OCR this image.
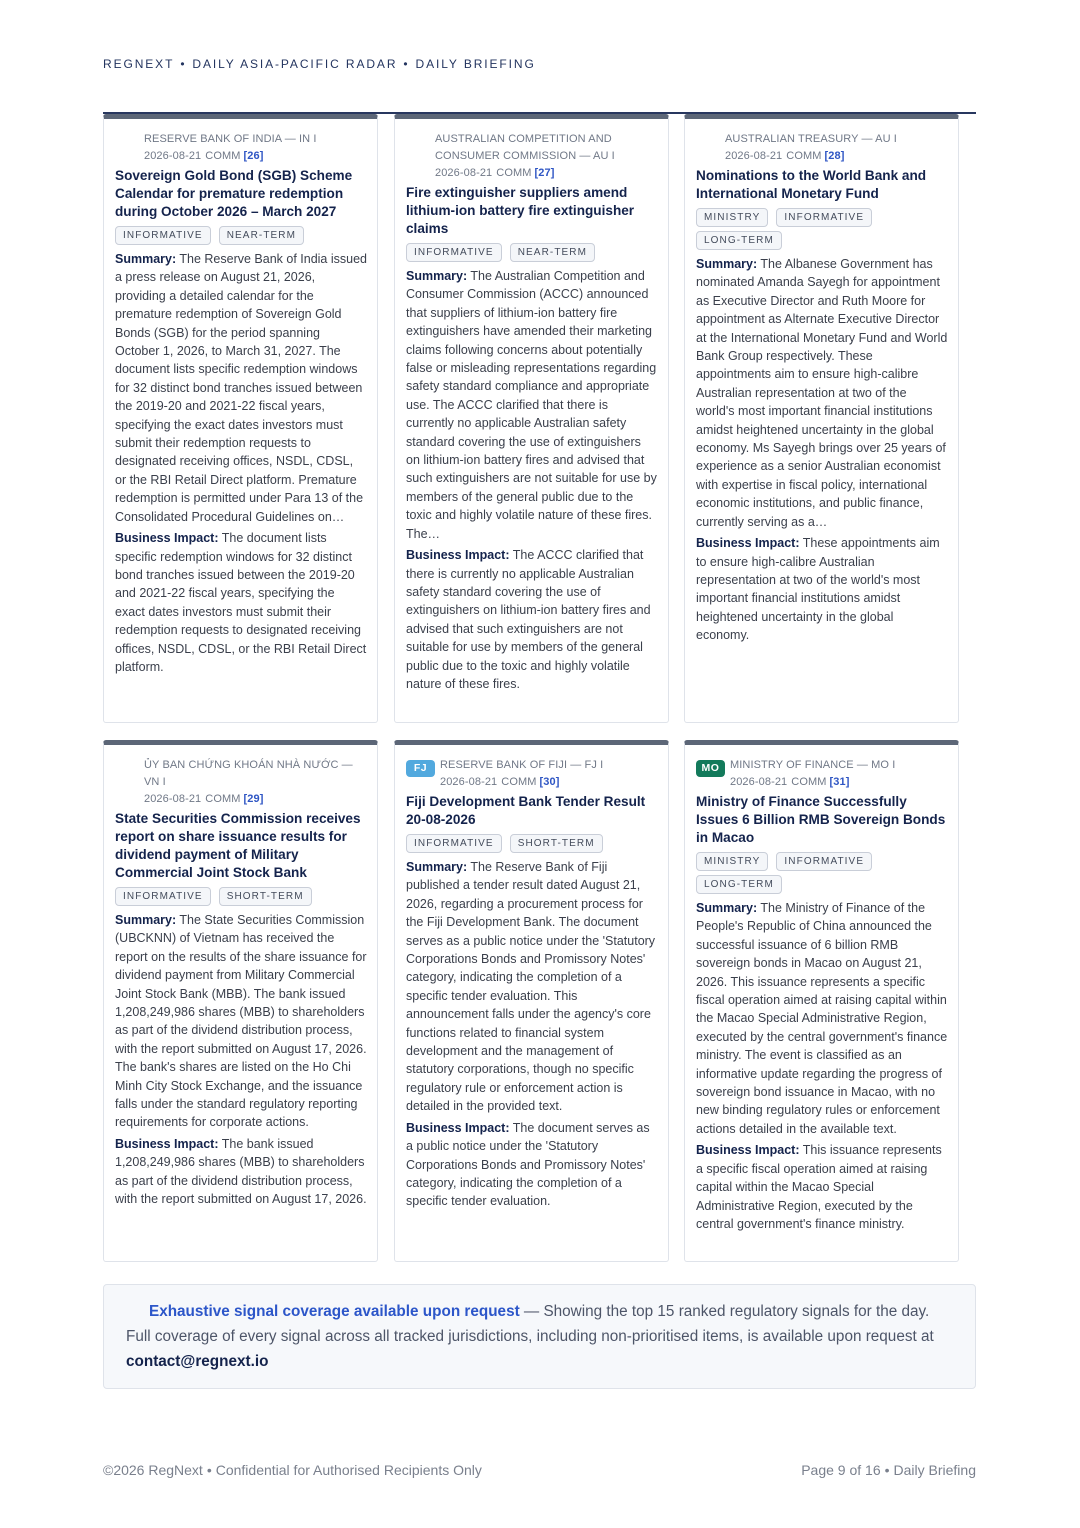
REGNEXT • DAILY ASIA-PACIFIC RADAR • DAILY BRIEFING
RESERVE BANK OF INDIA — IN I
2026-08-21 COMM [26]
Sovereign Gold Bond (SGB) Scheme Calendar for premature redemption during October 2026 – March 2027
INFORMATIVE	NEAR-TERM

Summary: The Reserve Bank of India issued a press release on August 21, 2026, providing a detailed calendar for the premature redemption of Sovereign Gold Bonds (SGB) for the period spanning October 1, 2026, to March 31, 2027. The document lists specific redemption windows for 32 distinct bond tranches issued between the 2019-20 and 2021-22 fiscal years, specifying the exact dates investors must submit their redemption requests to designated receiving offices, NSDL, CDSL, or the RBI Retail Direct platform. Premature redemption is permitted under Para 13 of the Consolidated Procedural Guidelines on…

Business Impact: The document lists specific redemption windows for 32 distinct bond tranches issued between the 2019-20 and 2021-22 fiscal years, specifying the exact dates investors must submit their redemption requests to designated receiving offices, NSDL, CDSL, or the RBI Retail Direct platform.

AUSTRALIAN COMPETITION AND CONSUMER COMMISSION — AU I
2026-08-21 COMM [27]
Fire extinguisher suppliers amend lithium-ion battery fire extinguisher claims
INFORMATIVE	NEAR-TERM

Summary: The Australian Competition and Consumer Commission (ACCC) announced that suppliers of lithium-ion battery fire extinguishers have amended their marketing claims following concerns about potentially false or misleading representations regarding safety standard compliance and appropriate use. The ACCC clarified that there is currently no applicable Australian safety standard covering the use of extinguishers on lithium-ion battery fires and advised that such extinguishers are not suitable for use by members of the general public due to the toxic and highly volatile nature of these fires. The…

Business Impact: The ACCC clarified that there is currently no applicable Australian safety standard covering the use of extinguishers on lithium-ion battery fires and advised that such extinguishers are not suitable for use by members of the general public due to the toxic and highly volatile nature of these fires.

AUSTRALIAN TREASURY — AU I
2026-08-21 COMM [28]
Nominations to the World Bank and International Monetary Fund
MINISTRY	INFORMATIVE
LONG-TERM

Summary: The Albanese Government has nominated Amanda Sayegh for appointment as Executive Director and Ruth Moore for appointment as Alternate Executive Director at the International Monetary Fund and World Bank Group respectively. These appointments aim to ensure high-calibre Australian representation at two of the world's most important financial institutions amidst heightened uncertainty in the global economy. Ms Sayegh brings over 25 years of experience as a senior Australian economist with expertise in fiscal policy, international economic institutions, and public finance, currently serving as a…

Business Impact: These appointments aim to ensure high-calibre Australian representation at two of the world's most important financial institutions amidst heightened uncertainty in the global economy.

ỦY BAN CHỨNG KHOÁN NHÀ NƯỚC — VN I
2026-08-21 COMM [29]
State Securities Commission receives report on share issuance results for dividend payment of Military Commercial Joint Stock Bank
INFORMATIVE	SHORT-TERM

Summary: The State Securities Commission (UBCKNN) of Vietnam has received the report on the results of the share issuance for dividend payment from Military Commercial Joint Stock Bank (MBB). The bank issued 1,208,249,986 shares (MBB) to shareholders as part of the dividend distribution process, with the report submitted on August 17, 2026. The bank's shares are listed on the Ho Chi Minh City Stock Exchange, and the issuance falls under the standard regulatory reporting requirements for corporate actions.

Business Impact: The bank issued 1,208,249,986 shares (MBB) to shareholders as part of the dividend distribution process, with the report submitted on August 17, 2026.

FJ	RESERVE BANK OF FIJI — FJ I
2026-08-21 COMM [30]
Fiji Development Bank Tender Result 20-08-2026
INFORMATIVE	SHORT-TERM

Summary: The Reserve Bank of Fiji published a tender result dated August 21, 2026, regarding a procurement process for the Fiji Development Bank. The document serves as a public notice under the 'Statutory Corporations Bonds and Promissory Notes' category, indicating the completion of a specific tender evaluation. This announcement falls under the agency's core functions related to financial system development and the management of statutory corporations, though no specific regulatory rule or enforcement action is detailed in the provided text.

Business Impact: The document serves as a public notice under the 'Statutory Corporations Bonds and Promissory Notes' category, indicating the completion of a specific tender evaluation.

MO MINISTRY OF FINANCE — MO I
2026-08-21 COMM [31]
Ministry of Finance Successfully Issues 6 Billion RMB Sovereign Bonds in Macao
MINISTRY	INFORMATIVE
LONG-TERM

Summary: The Ministry of Finance of the People's Republic of China announced the successful issuance of 6 billion RMB sovereign bonds in Macao on August 21, 2026. This issuance represents a specific fiscal operation aimed at raising capital within the Macao Special Administrative Region, executed by the central government's finance ministry. The event is classified as an informative update regarding the progress of sovereign bond issuance in Macao, with no new binding regulatory rules or enforcement actions detailed in the available text.

Business Impact: This issuance represents a specific fiscal operation aimed at raising capital within the Macao Special Administrative Region, executed by the central government's finance ministry.

Exhaustive signal coverage available upon request — Showing the top 15 ranked regulatory signals for the day. Full coverage of every signal across all tracked jurisdictions, including non-prioritised items, is available upon request at contact@regnext.io
©2026 RegNext • Confidential for Authorised Recipients Only	Page 9 of 16 • Daily Briefing
